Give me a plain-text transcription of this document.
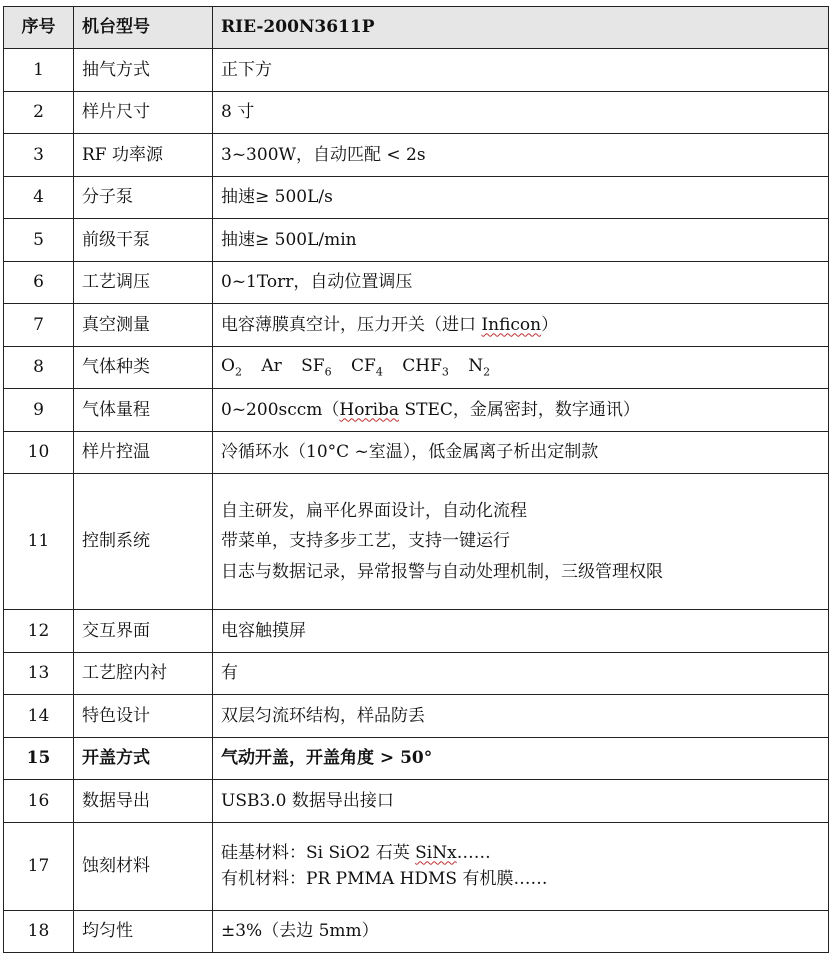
序号	机台型号	RIE-200N3611P
1	抽气方式	正下方
2	样片尺寸	8 寸
3	RF 功率源	3~300W，自动匹配 < 2s
4	分子泵	抽速≥ 500L/s
5	前级干泵	抽速≥ 500L/min
6	工艺调压	0~1Torr，自动位置调压
7	真空测量	电容薄膜真空计，压力开关（进口 Inficon）
8	气体种类	$O_2$ Ar $SF_6$ $CF_4$ $CHF_3$ $N_2$
9	气体量程	0~200sccm（Horiba STEC，金属密封，数字通讯）
10	样片控温	冷循环水（10°C ~室温），低金属离子析出定制款
11	控制系统	自主研发，扁平化界面设计，自动化流程
带菜单，支持多步工艺，支持一键运行
日志与数据记录，异常报警与自动处理机制，三级管理权限

12	交互界面	电容触摸屏
13	工艺腔内衬	有
14	特色设计	双层匀流环结构，样品防丢
15	开盖方式	气动开盖，开盖角度 > 50°
16	数据导出	USB3.0 数据导出接口
17	蚀刻材料	硅基材料：Si SiO2 石英 SiNx……
有机材料：PR PMMA HDMS 有机膜……

18	均匀性	±3%（去边 5mm）
